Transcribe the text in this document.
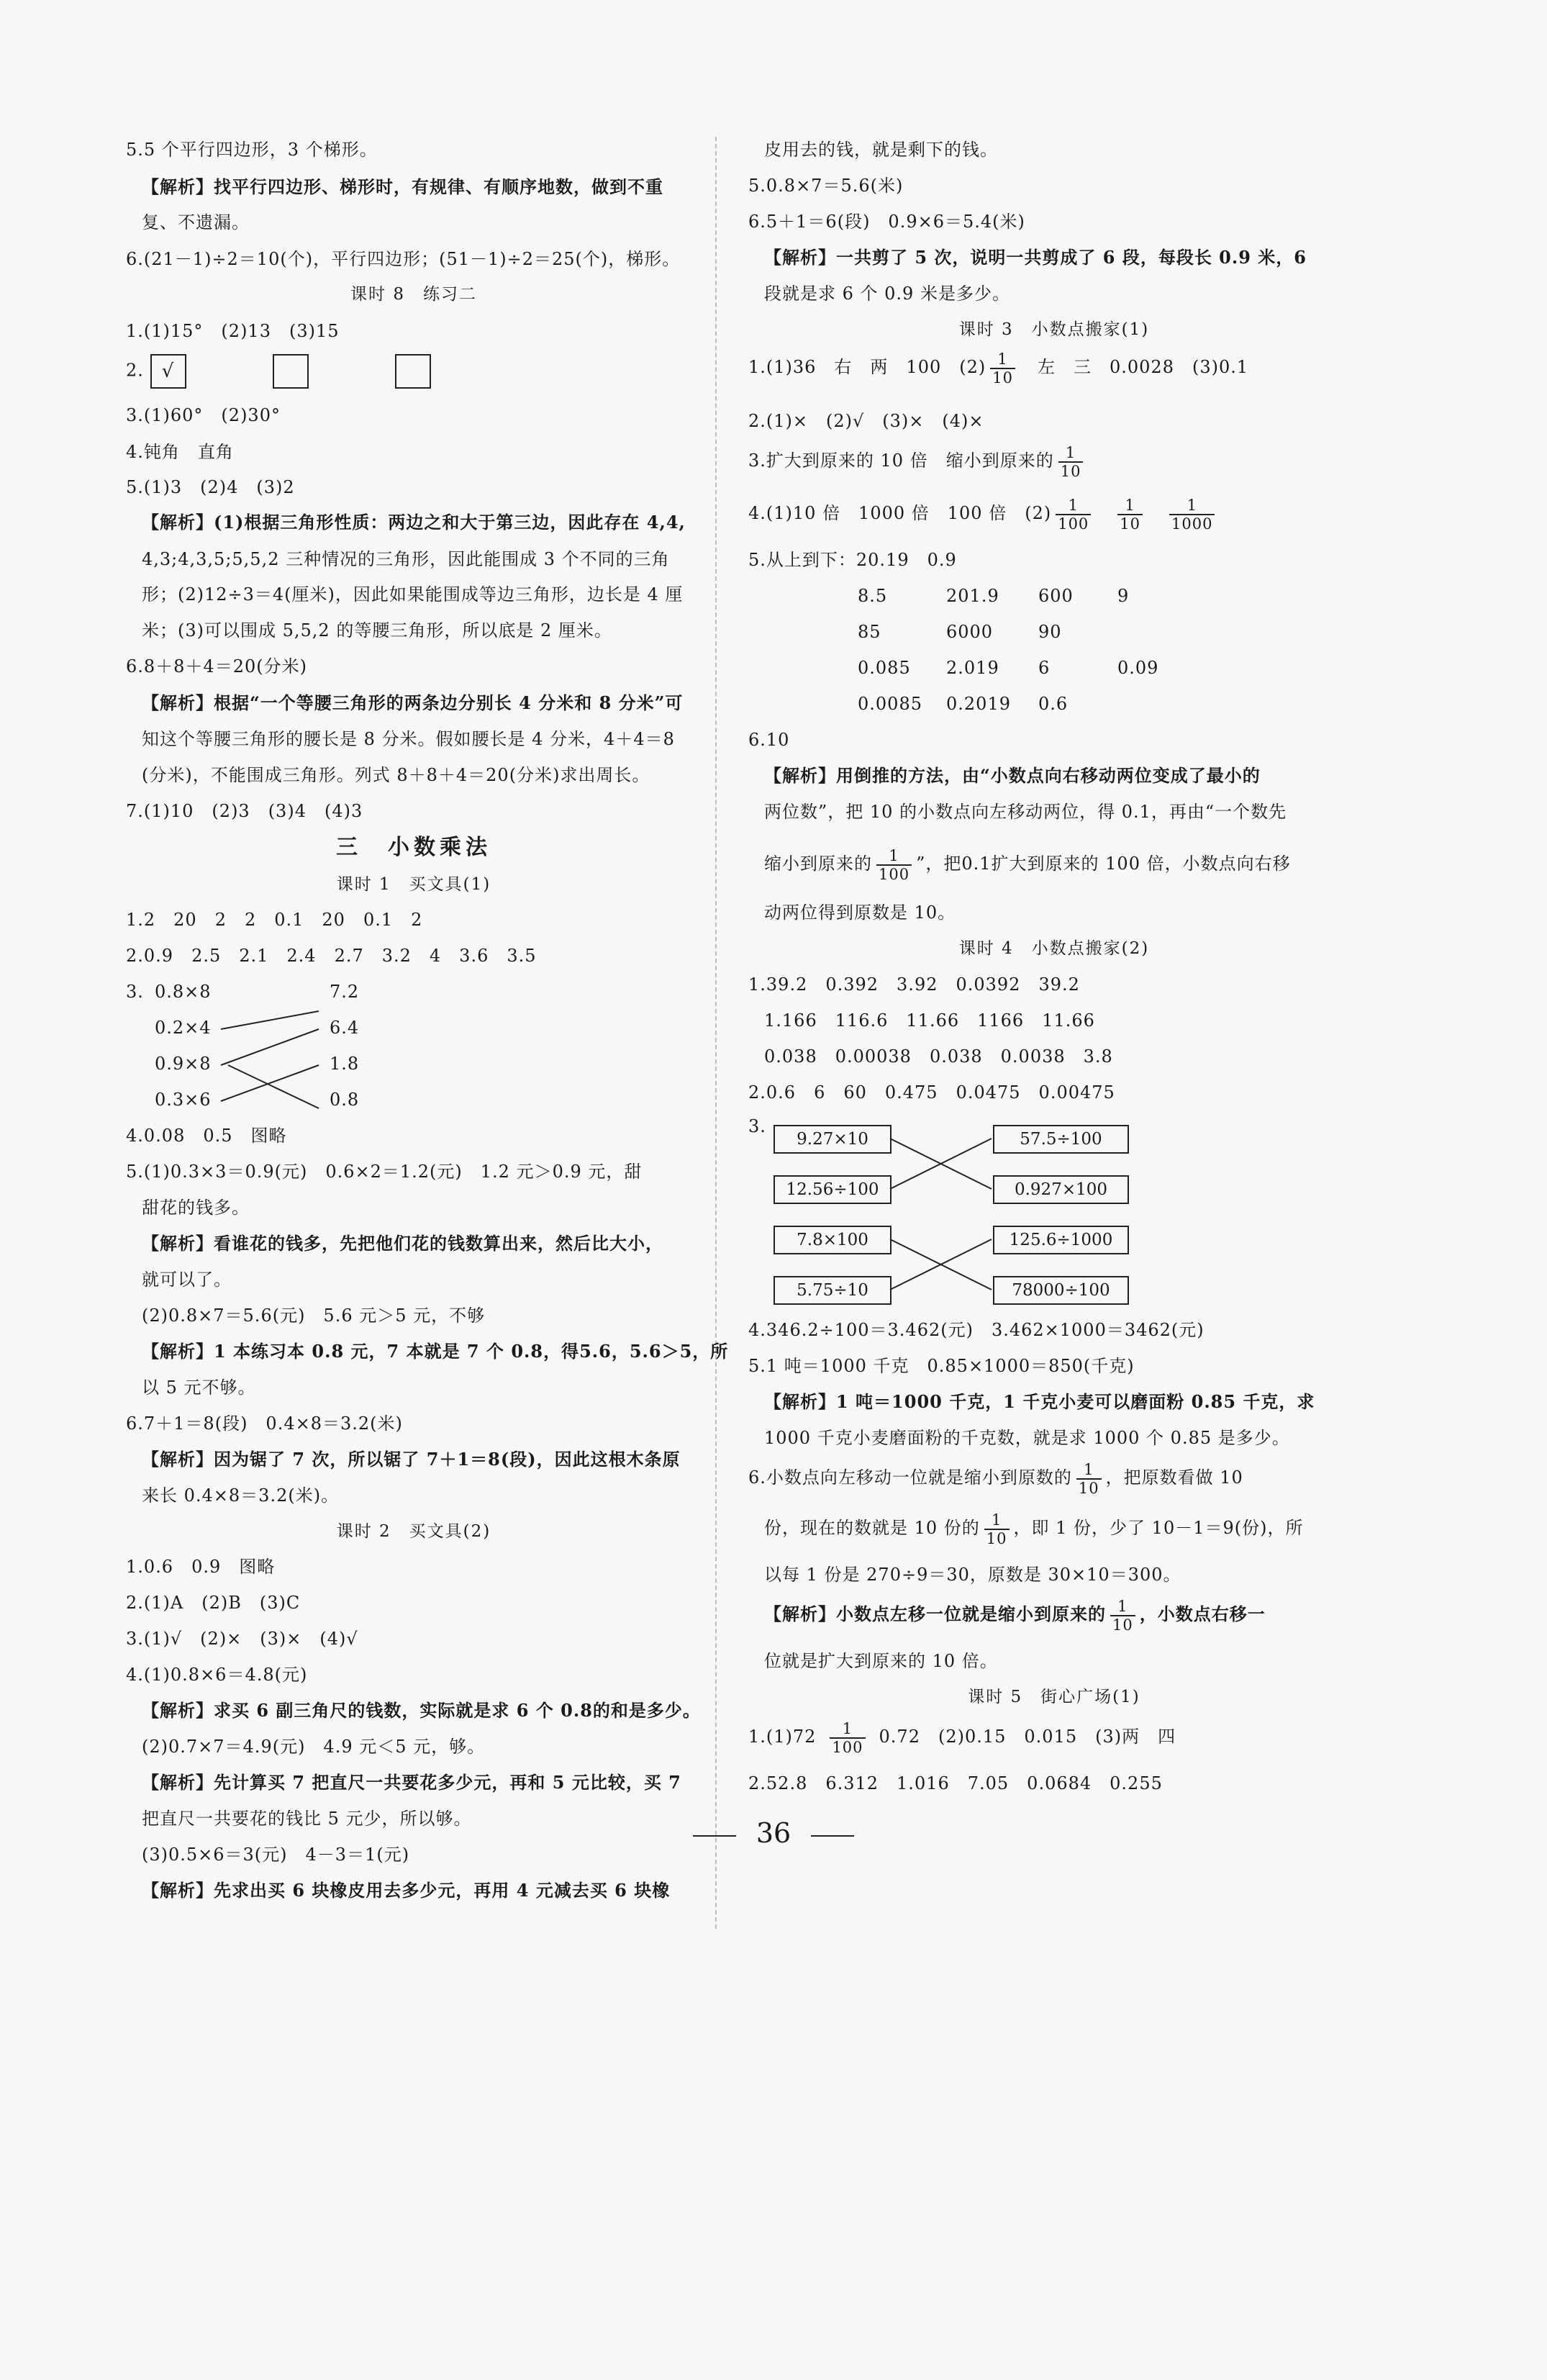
5.5 个平行四边形，3 个梯形。
【解析】找平行四边形、梯形时，有规律、有顺序地数，做到不重
复、不遗漏。
6.(21－1)÷2＝10(个)，平行四边形；(51－1)÷2＝25(个)，梯形。
课时 8　练习二
1.(1)15°　(2)13　(3)15
2. √
3.(1)60°　(2)30°
4.钝角　直角
5.(1)3　(2)4　(3)2
【解析】(1)根据三角形性质：两边之和大于第三边，因此存在 4,4,
4,3;4,3,5;5,5,2 三种情况的三角形，因此能围成 3 个不同的三角
形；(2)12÷3＝4(厘米)，因此如果能围成等边三角形，边长是 4 厘
米；(3)可以围成 5,5,2 的等腰三角形，所以底是 2 厘米。
6.8＋8＋4＝20(分米)
【解析】根据“一个等腰三角形的两条边分别长 4 分米和 8 分米”可
知这个等腰三角形的腰长是 8 分米。假如腰长是 4 分米，4＋4＝8
(分米)，不能围成三角形。列式 8＋8＋4＝20(分米)求出周长。
7.(1)10　(2)3　(3)4　(4)3
三　小数乘法
课时 1　买文具(1)
1.2　20　2　2　0.1　20　0.1　2
2.0.9　2.5　2.1　2.4　2.7　3.2　4　3.6　3.5
3. 0.8×8
0.2×4
0.9×8
0.3×6
7.2
6.4
1.8
0.8
4.0.08　0.5　图略
5.(1)0.3×3＝0.9(元)　0.6×2＝1.2(元)　1.2 元＞0.9 元，甜
甜花的钱多。
【解析】看谁花的钱多，先把他们花的钱数算出来，然后比大小，
就可以了。
(2)0.8×7＝5.6(元)　5.6 元＞5 元，不够
【解析】1 本练习本 0.8 元，7 本就是 7 个 0.8，得5.6，5.6＞5，所
以 5 元不够。
6.7＋1＝8(段)　0.4×8＝3.2(米)
【解析】因为锯了 7 次，所以锯了 7＋1＝8(段)，因此这根木条原
来长 0.4×8＝3.2(米)。
课时 2　买文具(2)
1.0.6　0.9　图略
2.(1)A　(2)B　(3)C
3.(1)√　(2)×　(3)×　(4)√
4.(1)0.8×6＝4.8(元)
【解析】求买 6 副三角尺的钱数，实际就是求 6 个 0.8的和是多少。
(2)0.7×7＝4.9(元)　4.9 元＜5 元，够。
【解析】先计算买 7 把直尺一共要花多少元，再和 5 元比较，买 7
把直尺一共要花的钱比 5 元少，所以够。
(3)0.5×6＝3(元)　4－3＝1(元)
【解析】先求出买 6 块橡皮用去多少元，再用 4 元减去买 6 块橡
皮用去的钱，就是剩下的钱。
5.0.8×7＝5.6(米)
6.5＋1＝6(段)　0.9×6＝5.4(米)
【解析】一共剪了 5 次，说明一共剪成了 6 段，每段长 0.9 米，6
段就是求 6 个 0.9 米是多少。
课时 3　小数点搬家(1)
1.(1)36　右　两　100　$(2) \frac{1}{10}$ 　左　三　0.0028　(3)0.1
2.(1)×　(2)√　(3)×　(4)×
3.扩大到原来的 10 倍　缩小到原来的 $\frac{1}{10}$
4.(1)10 倍　1000 倍　100 倍　$(2) \frac{1}{100}$
  $\frac{1}{10}$
  $\frac{1}{1000}$
5.从上到下：20.19　0.9
8.5	201.9 600	9
85	6000	90
0.085 2.019 6	0.09
0.0085 0.2019 0.6
6.10
【解析】用倒推的方法，由“小数点向右移动两位变成了最小的
两位数”，把 10 的小数点向左移动两位，得 0.1，再由“一个数先
缩小到原来的 $\frac{1}{100}$ ”，把0.1扩大到原来的 100 倍，小数点向右移
动两位得到原数是 10。
课时 4　小数点搬家(2)
1.39.2　0.392　3.92　0.0392　39.2
1.166　116.6　11.66　1166　11.66
0.038　0.00038　0.038　0.0038　3.8
2.0.6　6　60　0.475　0.0475　0.00475
3.
9.27×10
12.56÷100
7.8×100
5.75÷10
57.5÷100
0.927×100
125.6÷1000
78000÷100
4.346.2÷100＝3.462(元)　3.462×1000＝3462(元)
5.1 吨＝1000 千克　0.85×1000＝850(千克)
【解析】1 吨＝1000 千克，1 千克小麦可以磨面粉 0.85 千克，求
1000 千克小麦磨面粉的千克数，就是求 1000 个 0.85 是多少。
6.小数点向左移动一位就是缩小到原数的 $\frac{1}{10}$ ，把原数看做 10
份，现在的数就是 10 份的 $\frac{1}{10}$ ，即 1 份，少了 10－1＝9(份)，所
以每 1 份是 270÷9＝30，原数是 30×10＝300。
【解析】小数点左移一位就是缩小到原来的 $\frac{1}{10}$ ，小数点右移一
位就是扩大到原来的 10 倍。
课时 5　街心广场(1)
1.(1)72  $\frac{1}{100}$
  0.72　(2)0.15　0.015　(3)两　四
2.52.8　6.312　1.016　7.05　0.0684　0.255
36
